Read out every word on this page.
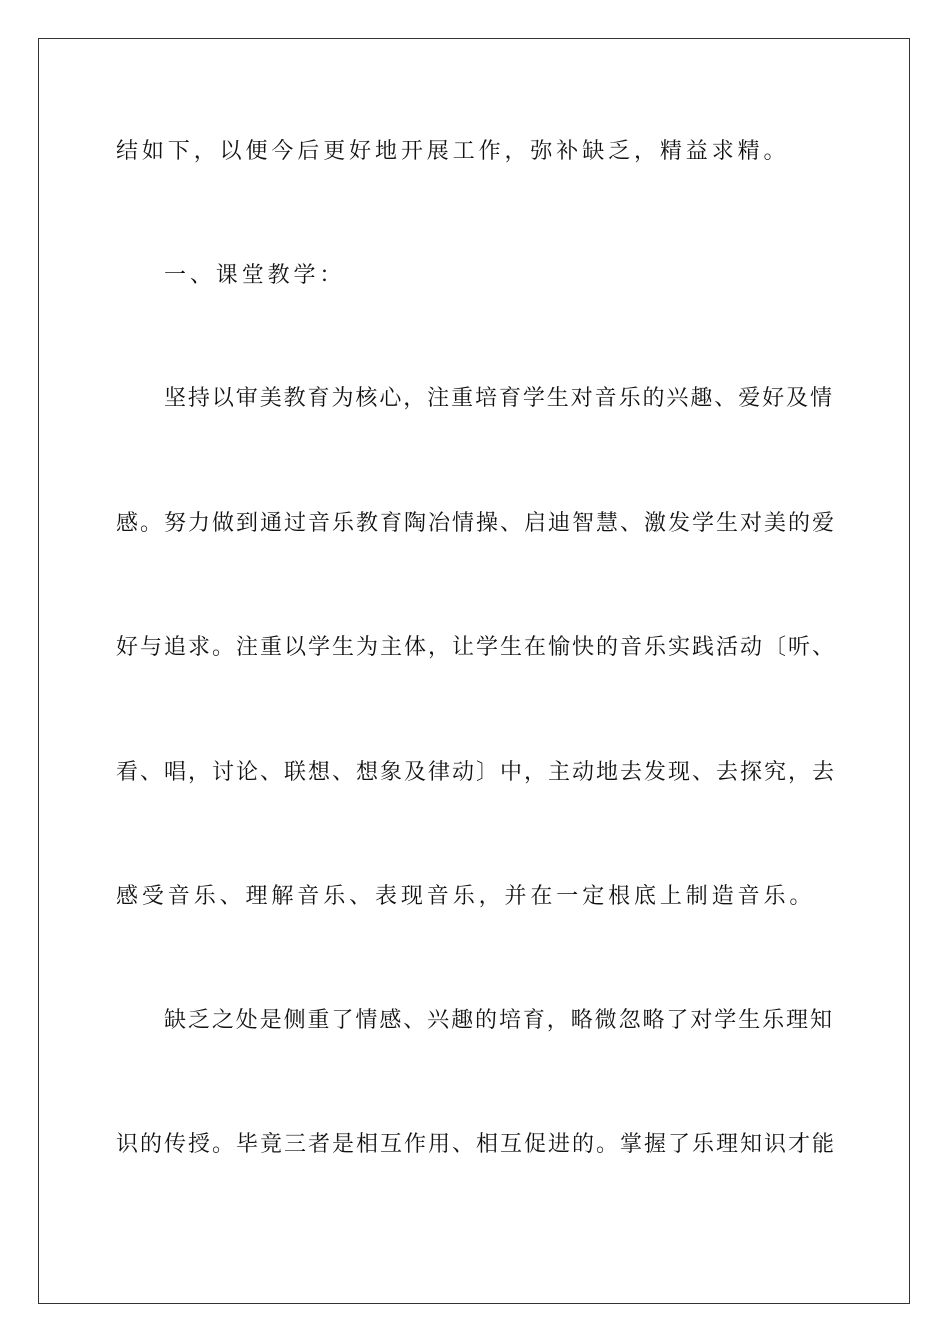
结如下，以便今后更好地开展工作，弥补缺乏，精益求精。
一、课堂教学：
坚持以审美教育为核心，注重培育学生对音乐的兴趣、爱好及情
感。努力做到通过音乐教育陶冶情操、启迪智慧、激发学生对美的爱
好与追求。注重以学生为主体，让学生在愉快的音乐实践活动〔听、
看、唱，讨论、联想、想象及律动〕中，主动地去发现、去探究，去
感受音乐、理解音乐、表现音乐，并在一定根底上制造音乐。
缺乏之处是侧重了情感、兴趣的培育，略微忽略了对学生乐理知
识的传授。毕竟三者是相互作用、相互促进的。掌握了乐理知识才能
